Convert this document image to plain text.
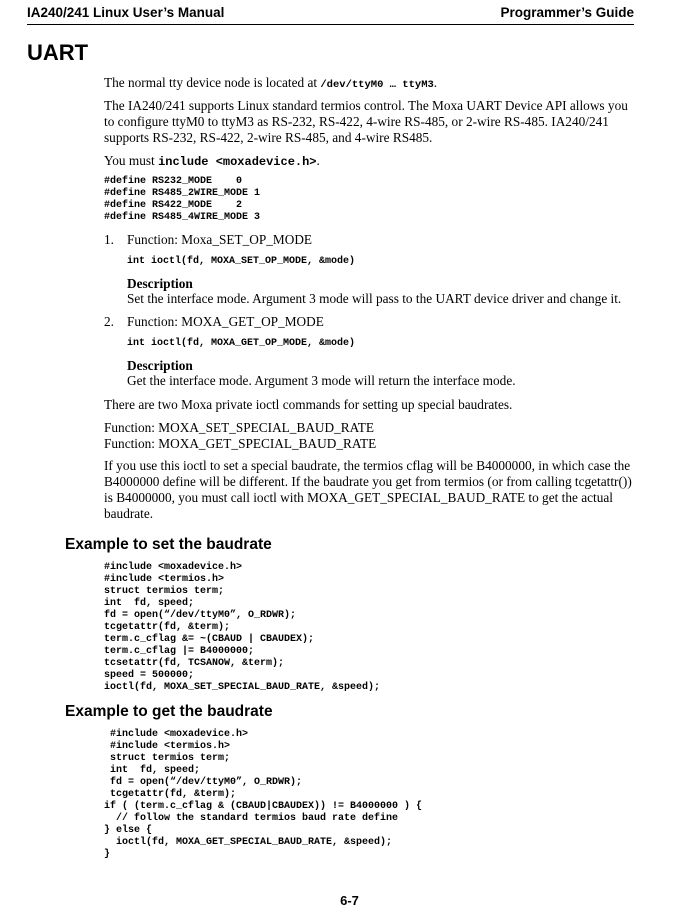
IA240/241 Linux User’s Manual	Programmer’s Guide
UART
The normal tty device node is located at /dev/ttyM0 … ttyM3.
The IA240/241 supports Linux standard termios control. The Moxa UART Device API allows you to configure ttyM0 to ttyM3 as RS-232, RS-422, 4-wire RS-485, or 2-wire RS-485. IA240/241 supports RS-232, RS-422, 2-wire RS-485, and 4-wire RS485.
You must include <moxadevice.h>.
#define RS232_MODE    0
#define RS485_2WIRE_MODE 1
#define RS422_MODE    2
#define RS485_4WIRE_MODE 3
1. Function: Moxa_SET_OP_MODE
int ioctl(fd, MOXA_SET_OP_MODE, &mode)
Description
Set the interface mode. Argument 3 mode will pass to the UART device driver and change it.
2. Function: MOXA_GET_OP_MODE
int ioctl(fd, MOXA_GET_OP_MODE, &mode)
Description
Get the interface mode. Argument 3 mode will return the interface mode.
There are two Moxa private ioctl commands for setting up special baudrates.
Function: MOXA_SET_SPECIAL_BAUD_RATE
Function: MOXA_GET_SPECIAL_BAUD_RATE
If you use this ioctl to set a special baudrate, the termios cflag will be B4000000, in which case the B4000000 define will be different. If the baudrate you get from termios (or from calling tcgetattr()) is B4000000, you must call ioctl with MOXA_GET_SPECIAL_BAUD_RATE to get the actual baudrate.
Example to set the baudrate
#include <moxadevice.h>
#include <termios.h>
struct termios term;
int  fd, speed;
fd = open(“/dev/ttyM0”, O_RDWR);
tcgetattr(fd, &term);
term.c_cflag &= ~(CBAUD | CBAUDEX);
term.c_cflag |= B4000000;
tcsetattr(fd, TCSANOW, &term);
speed = 500000;
ioctl(fd, MOXA_SET_SPECIAL_BAUD_RATE, &speed);
Example to get the baudrate
#include <moxadevice.h>
#include <termios.h>
struct termios term;
int  fd, speed;
fd = open(“/dev/ttyM0”, O_RDWR);
tcgetattr(fd, &term);
if ( (term.c_cflag & (CBAUD|CBAUDEX)) != B4000000 ) {
// follow the standard termios baud rate define
} else {
ioctl(fd, MOXA_GET_SPECIAL_BAUD_RATE, &speed);
}
6-7
